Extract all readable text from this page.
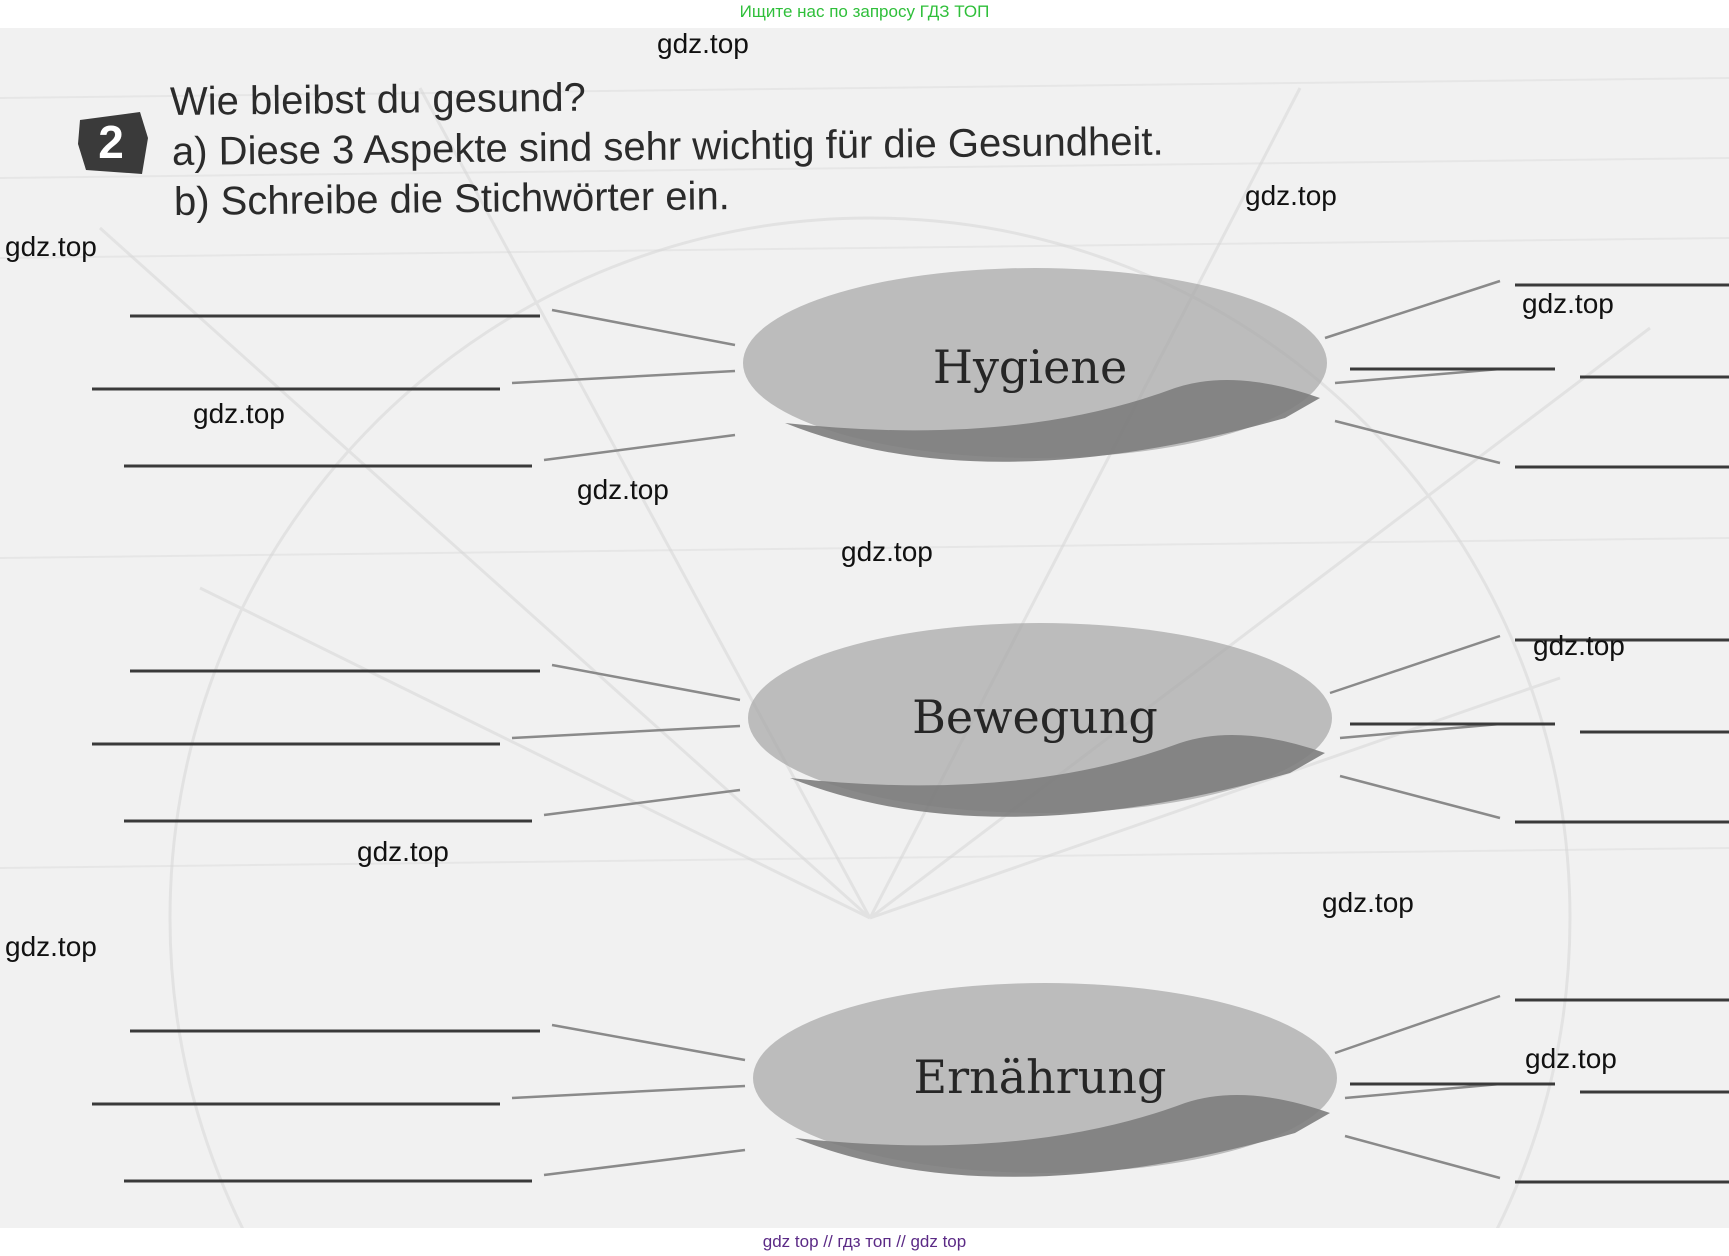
Ищите нас по запросу ГДЗ ТОП
2
Wie bleibst du gesund?
a) Diese 3 Aspekte sind sehr wichtig für die Gesundheit.
b) Schreibe die Stichwörter ein.
Hygiene
Bewegung
Ernährung
gdz.top
gdz.top
gdz.top
gdz.top
gdz.top
gdz.top
gdz.top
gdz.top
gdz.top
gdz.top
gdz.top
gdz.top
gdz top // гдз топ // gdz top
